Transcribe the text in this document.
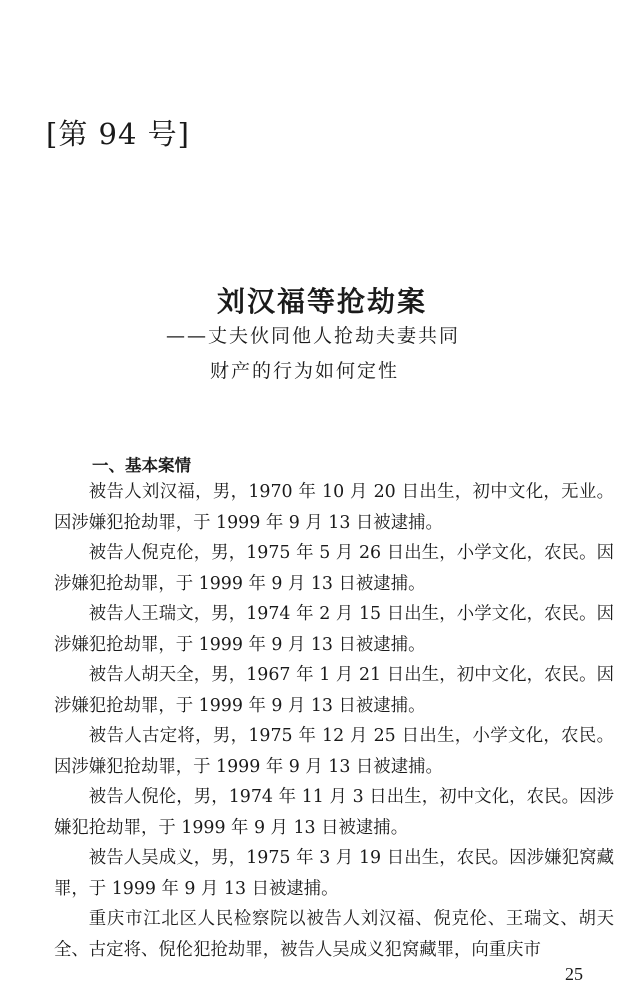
[第 94 号]
刘汉福等抢劫案
——丈夫伙同他人抢劫夫妻共同
财产的行为如何定性
一、基本案情

被告人刘汉福，男，1970 年 10 月 20 日出生，初中文化，无业。因涉嫌犯抢劫罪，于 1999 年 9 月 13 日被逮捕。

被告人倪克伦，男，1975 年 5 月 26 日出生，小学文化，农民。因涉嫌犯抢劫罪，于 1999 年 9 月 13 日被逮捕。

被告人王瑞文，男，1974 年 2 月 15 日出生，小学文化，农民。因涉嫌犯抢劫罪，于 1999 年 9 月 13 日被逮捕。

被告人胡天全，男，1967 年 1 月 21 日出生，初中文化，农民。因涉嫌犯抢劫罪，于 1999 年 9 月 13 日被逮捕。

被告人古定将，男，1975 年 12 月 25 日出生，小学文化，农民。因涉嫌犯抢劫罪，于 1999 年 9 月 13 日被逮捕。

被告人倪伦，男，1974 年 11 月 3 日出生，初中文化，农民。因涉嫌犯抢劫罪，于 1999 年 9 月 13 日被逮捕。

被告人吴成义，男，1975 年 3 月 19 日出生，农民。因涉嫌犯窝藏罪，于 1999 年 9 月 13 日被逮捕。

重庆市江北区人民检察院以被告人刘汉福、倪克伦、王瑞文、胡天全、古定将、倪伦犯抢劫罪，被告人吴成义犯窝藏罪，向重庆市

25
